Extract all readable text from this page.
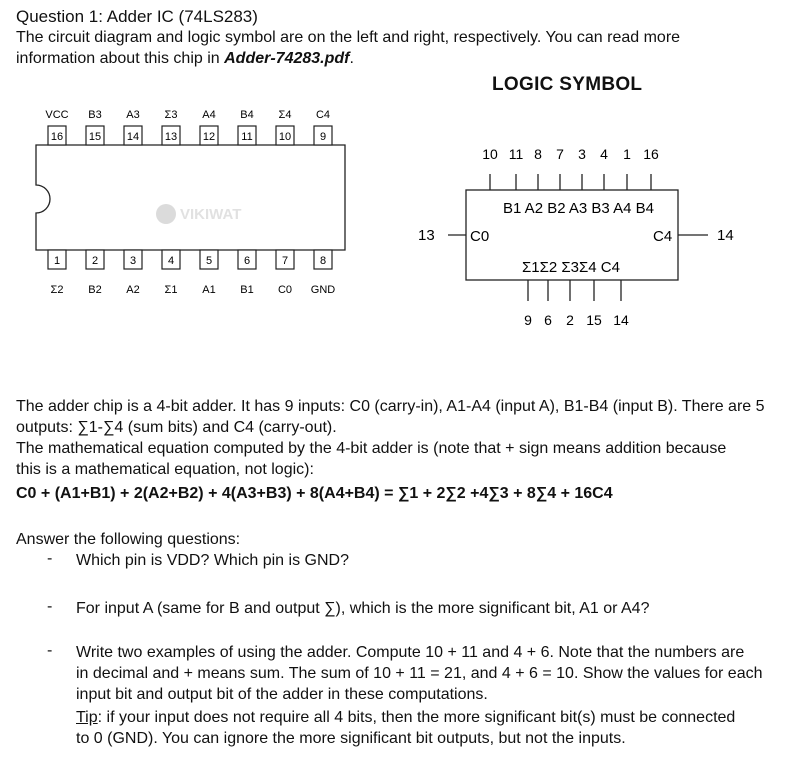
Question 1: Adder IC (74LS283)
The circuit diagram and logic symbol are on the left and right, respectively. You can read more
information about this chip in Adder-74283.pdf.
VIKIWAT
VCC
16
B3
15
A3
14
Σ3
13
A4
12
B4
11
Σ4
10
C4
9
1
Σ2
2
B2
3
A2
4
Σ1
5
A1
6
B1
7
C0
8
GND
LOGIC SYMBOL
10 11 8 7 3 4 1 16
B1 A2 B2 A3 B3 A4 B4
13 C0	C4	14
Σ1Σ2 Σ3Σ4 C4
9 6 2 15 14
The adder chip is a 4-bit adder. It has 9 inputs: C0 (carry-in), A1-A4 (input A), B1-B4 (input B). There are 5
outputs: ∑1-∑4 (sum bits) and C4 (carry-out).
The mathematical equation computed by the 4-bit adder is (note that + sign means addition because
this is a mathematical equation, not logic):
C0 + (A1+B1) + 2(A2+B2) + 4(A3+B3) + 8(A4+B4) = ∑1 + 2∑2 +4∑3 + 8∑4 + 16C4
Answer the following questions:
- Which pin is VDD? Which pin is GND?
- For input A (same for B and output ∑), which is the more significant bit, A1 or A4?
- Write two examples of using the adder. Compute 10 + 11 and 4 + 6. Note that the numbers are
in decimal and + means sum. The sum of 10 + 11 = 21, and 4 + 6 = 10. Show the values for each
input bit and output bit of the adder in these computations.
Tip: if your input does not require all 4 bits, then the more significant bit(s) must be connected
to 0 (GND). You can ignore the more significant bit outputs, but not the inputs.
